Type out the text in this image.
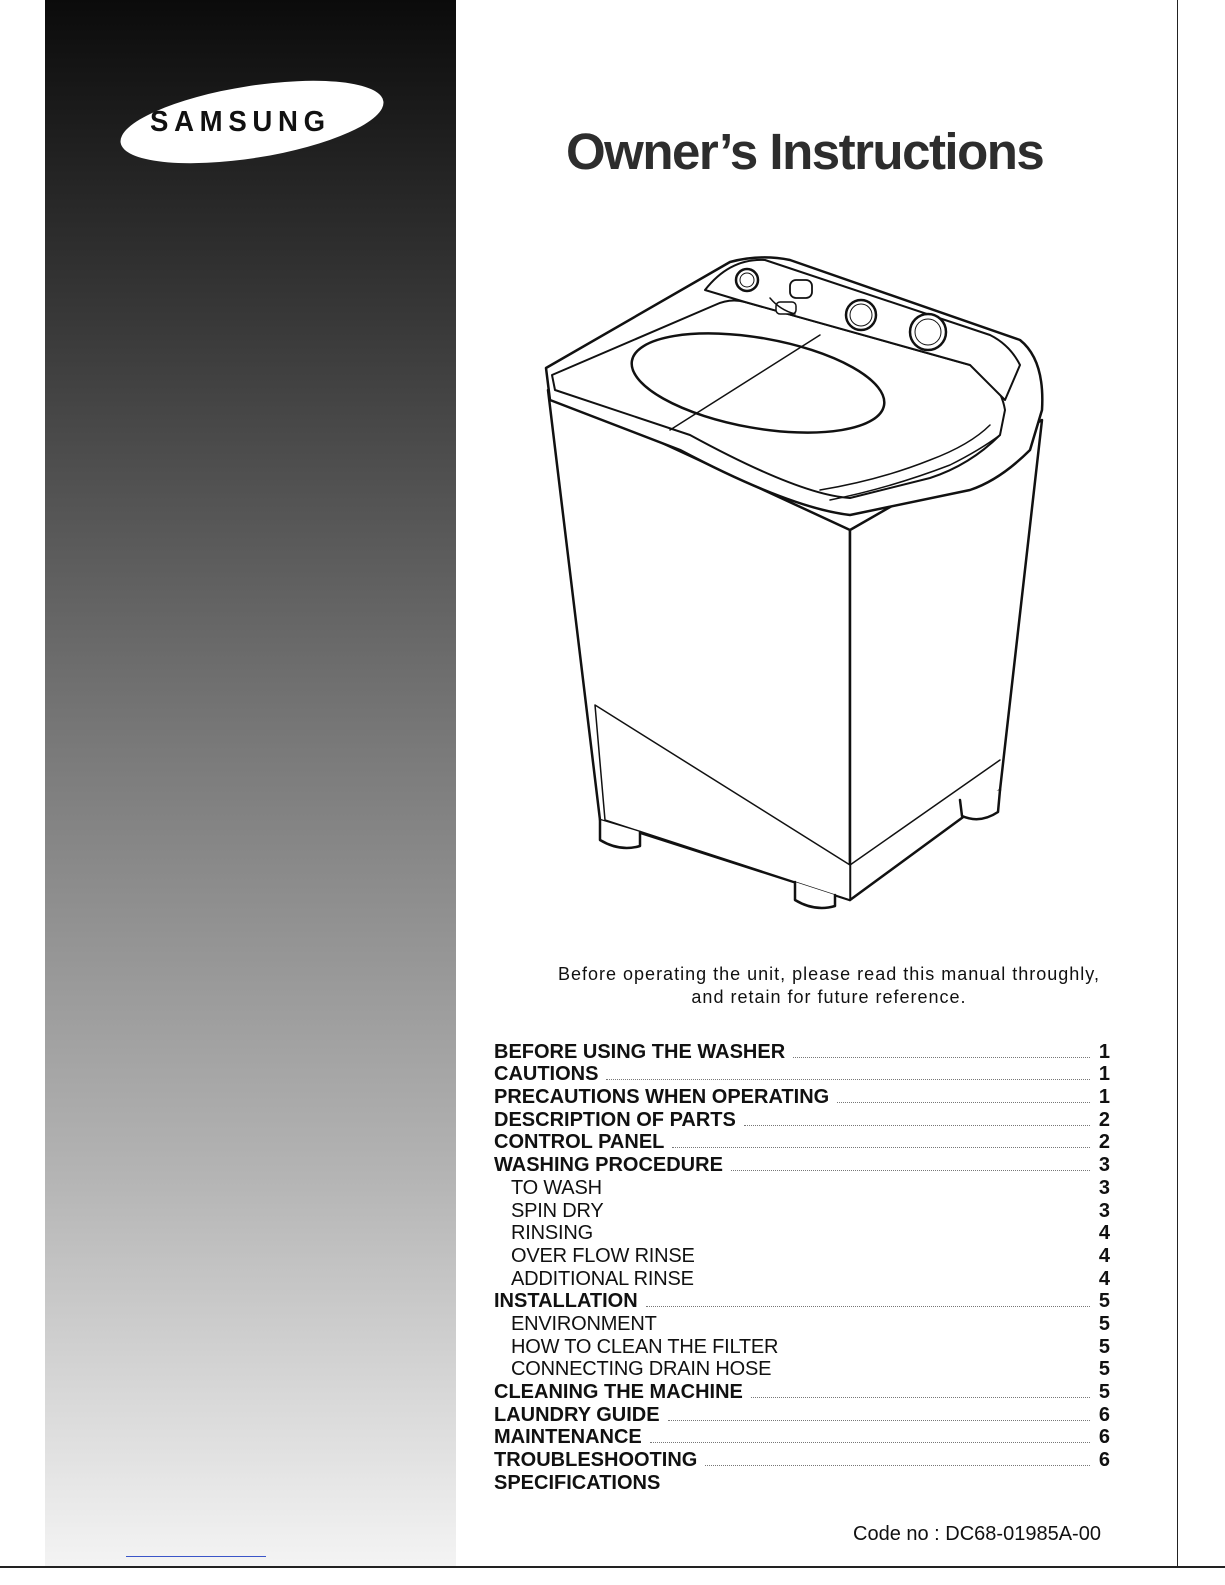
SAMSUNG
Owner’s Instructions
Before operating the unit, please read this manual throughly,
and retain for future reference.
BEFORE USING THE WASHER	1
CAUTIONS	1
PRECAUTIONS WHEN OPERATING	1
DESCRIPTION OF PARTS	2
CONTROL PANEL	2
WASHING PROCEDURE	3
TO WASH	3
SPIN DRY	3
RINSING	4
OVER FLOW RINSE	4
ADDITIONAL RINSE	4
INSTALLATION	5
ENVIRONMENT	5
HOW TO CLEAN THE FILTER	5
CONNECTING DRAIN HOSE	5
CLEANING THE MACHINE	5
LAUNDRY GUIDE	6
MAINTENANCE	6
TROUBLESHOOTING	6
SPECIFICATIONS
Code no : DC68-01985A-00
